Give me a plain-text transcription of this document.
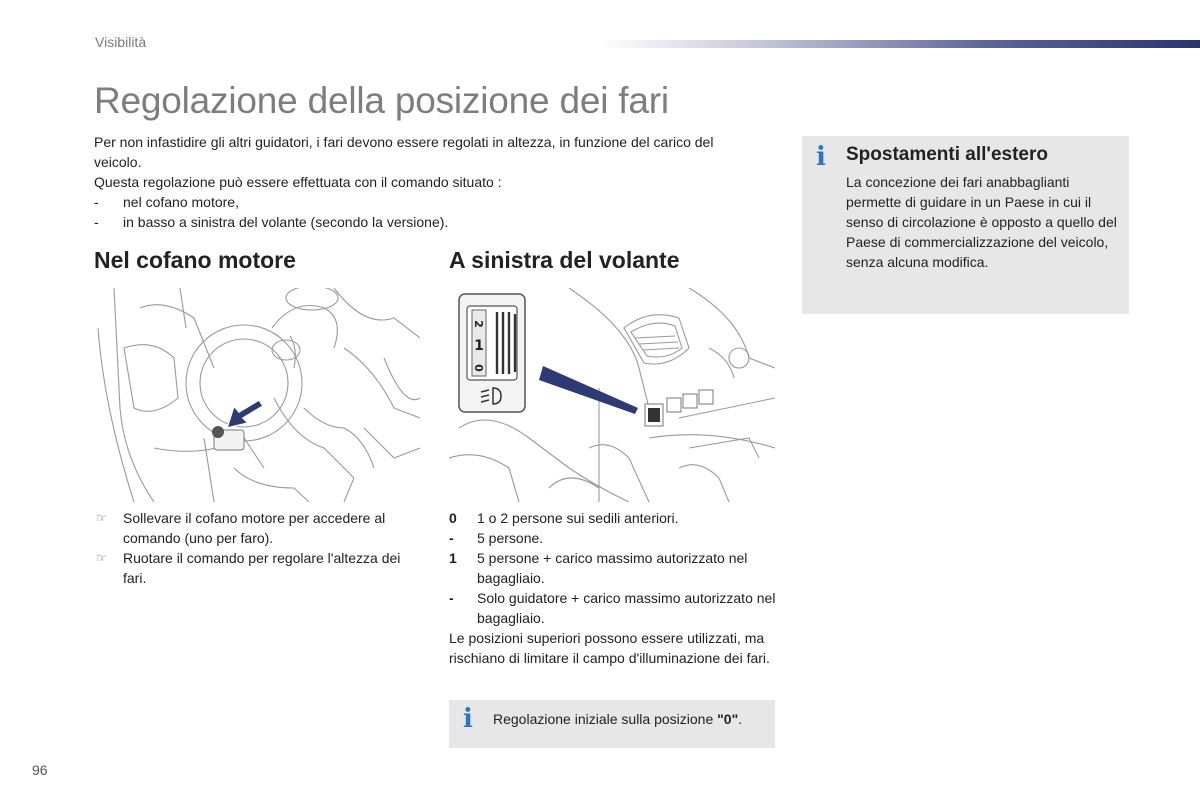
Visibilità
Regolazione della posizione dei fari

Per non infastidire gli altri guidatori, i fari devono essere regolati in altezza, in funzione del carico del veicolo.

Questa regolazione può essere effettuata con il comando situato :

- nel cofano motore,
- in basso a sinistra del volante (secondo la versione).
Nel cofano motore	A sinistra del volante
2
1
0
☞ Sollevare il cofano motore per accedere al comando (uno per faro).
☞ Ruotare il comando per regolare l'altezza dei fari.
0 1 o 2 persone sui sedili anteriori.
- 5 persone.
1 5 persone + carico massimo autorizzato nel bagagliaio.
- Solo guidatore + carico massimo autorizzato nel bagagliaio.
Le posizioni superiori possono essere utilizzati, ma rischiano di limitare il campo d'illuminazione dei fari.
i Regolazione iniziale sulla posizione "0".
i Spostamenti all'estero
La concezione dei fari anabbaglianti permette di guidare in un Paese in cui il senso di circolazione è opposto a quello del Paese di commercializzazione del veicolo, senza alcuna modifica.
96
